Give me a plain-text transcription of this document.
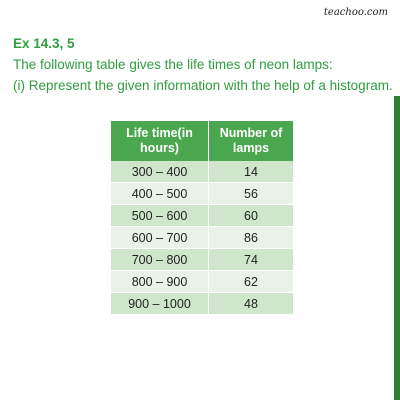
teachoo.com
Ex 14.3, 5
The following table gives the life times of neon lamps:
(i) Represent the given information with the help of a histogram.
Life time(in hours)	Number of lamps
300 – 400	14
400 – 500	56
500 – 600	60
600 – 700	86
700 – 800	74
800 – 900	62
900 – 1000	48
